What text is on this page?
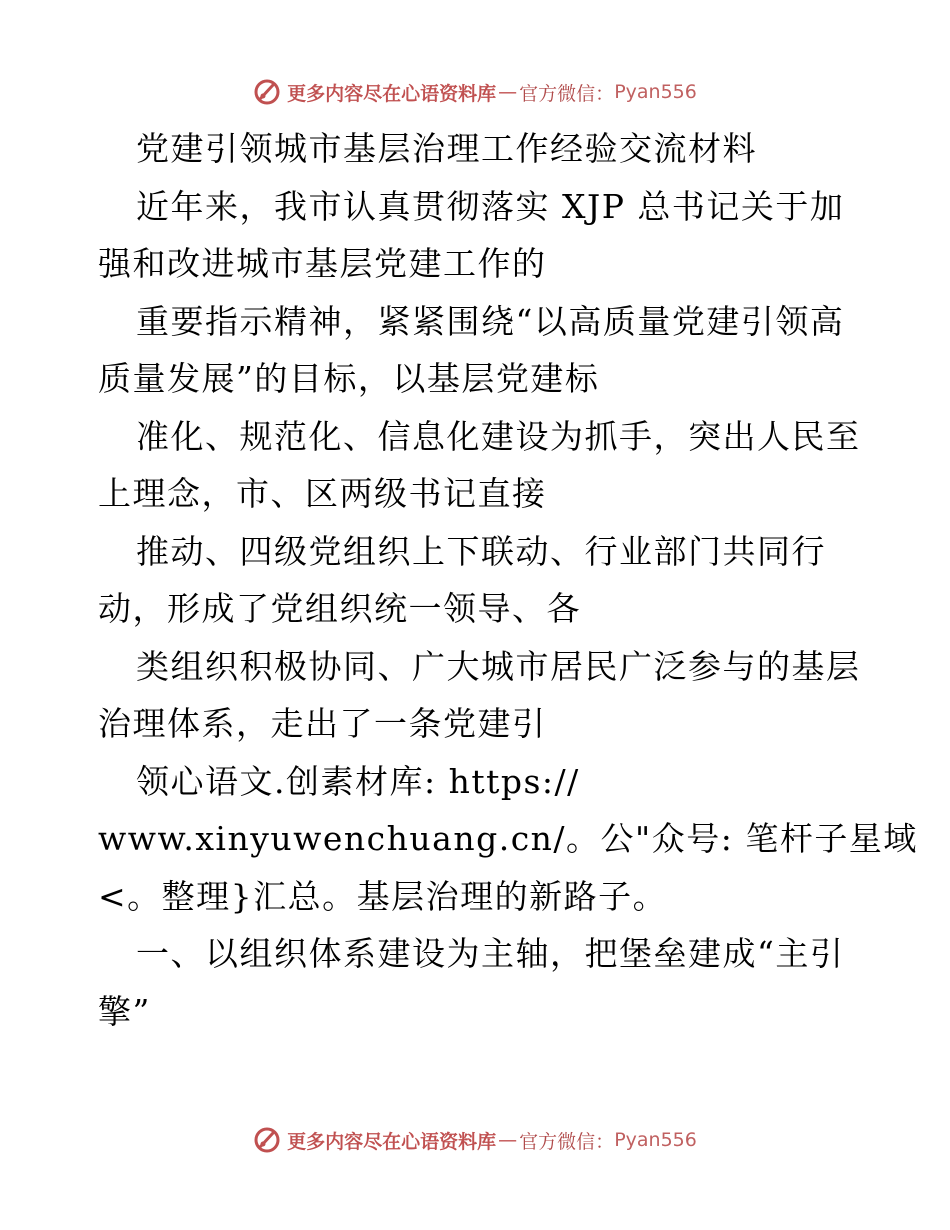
更多内容尽在心语资料库 — 官方微信： Pyan556
党建引领城市基层治理工作经验交流材料
近年来，我市认真贯彻落实 XJP 总书记关于加
强和改进城市基层党建工作的
重要指示精神，紧紧围绕“以高质量党建引领高
质量发展”的目标，以基层党建标
准化、规范化、信息化建设为抓手，突出人民至
上理念，市、区两级书记直接
推动、四级党组织上下联动、行业部门共同行
动，形成了党组织统一领导、各
类组织积极协同、广大城市居民广泛参与的基层
治理体系，走出了一条党建引
领心语文.创素材库: https://
www.xinyuwenchuang.cn/。公"众号: 笔杆子星域
<。整理}汇总。基层治理的新路子。
一、以组织体系建设为主轴，把堡垒建成“主引
擎”
更多内容尽在心语资料库 — 官方微信： Pyan556
